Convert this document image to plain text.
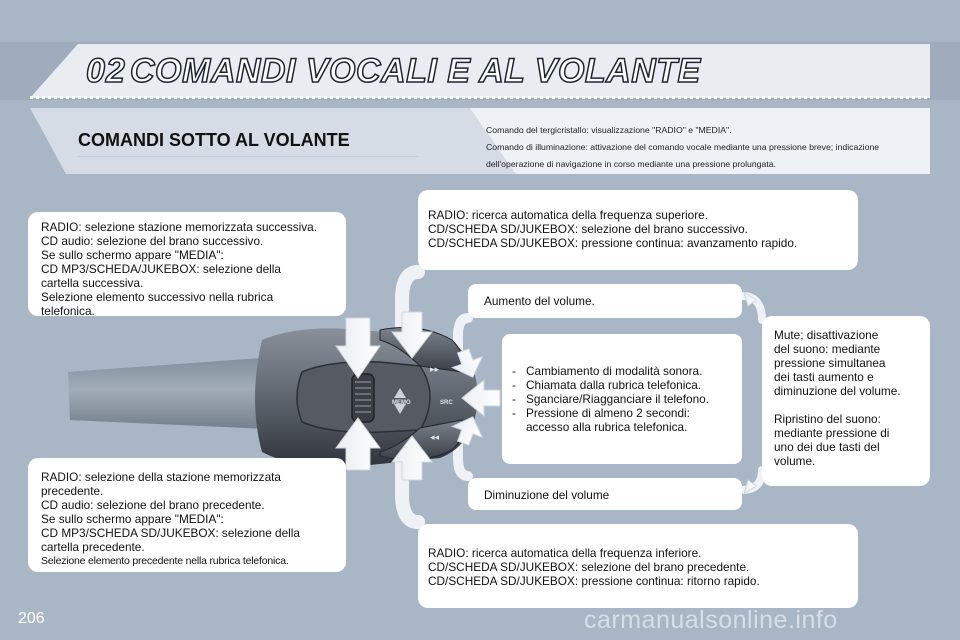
02 COMANDI VOCALI E AL VOLANTE
COMANDI SOTTO AL VOLANTE	Comando del tergicristallo: visualizzazione "RADIO" e "MEDIA".
Comando di illuminazione: attivazione del comando vocale mediante una pressione breve; indicazione
dell'operazione di navigazione in corso mediante una pressione prolungata.
MEMO	SRC
▸▸
◂◂

RADIO: selezione stazione memorizzata successiva.

CD audio: selezione del brano successivo.

Se sullo schermo appare "MEDIA":

CD MP3/SCHEDA/JUKEBOX: selezione della

cartella successiva.

Selezione elemento successivo nella rubrica

telefonica.

RADIO: selezione della stazione memorizzata

precedente.

CD audio: selezione del brano precedente.

Se sullo schermo appare "MEDIA":

CD MP3/SCHEDA SD/JUKEBOX: selezione della

cartella precedente.

Selezione elemento precedente nella rubrica telefonica.

RADIO: ricerca automatica della frequenza superiore.

CD/SCHEDA SD/JUKEBOX: selezione del brano successivo.

CD/SCHEDA SD/JUKEBOX: pressione continua: avanzamento rapido.

RADIO: ricerca automatica della frequenza inferiore.

CD/SCHEDA SD/JUKEBOX: selezione del brano precedente.

CD/SCHEDA SD/JUKEBOX: pressione continua: ritorno rapido.

Aumento del volume.

Diminuzione del volume

- Cambiamento di modalità sonora.
- Chiamata dalla rubrica telefonica.
- Sganciare/Riagganciare il telefono.
- Pressione di almeno 2 secondi: accesso alla rubrica telefonica.

Mute; disattivazione

del suono: mediante

pressione simultanea

dei tasti aumento e

diminuzione del volume.

Ripristino del suono:

mediante pressione di

uno dei due tasti del

volume.

206	carmanualsonline.info
